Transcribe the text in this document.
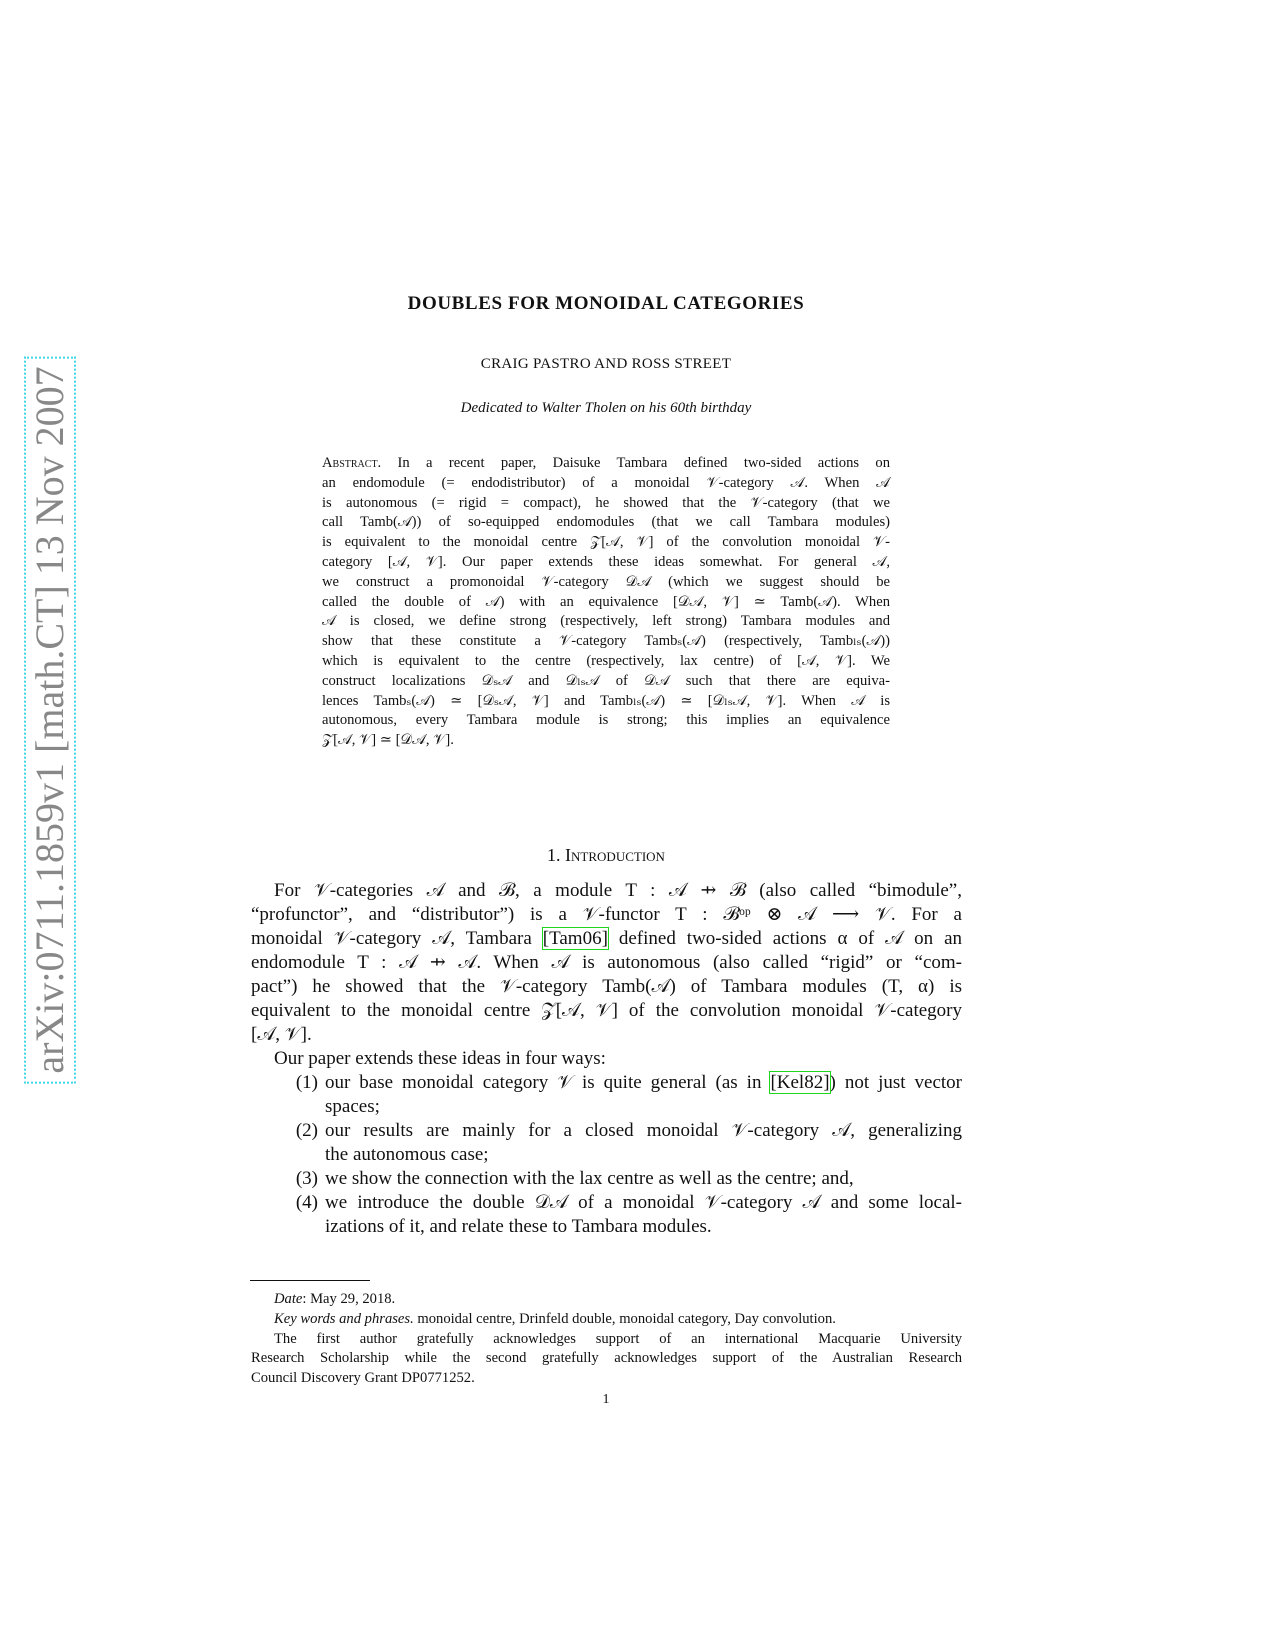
arXiv:0711.1859v1 [math.CT] 13 Nov 2007
DOUBLES FOR MONOIDAL CATEGORIES
CRAIG PASTRO AND ROSS STREET
Dedicated to Walter Tholen on his 60th birthday
Abstract. In a recent paper, Daisuke Tambara defined two-sided actions on
an endomodule (= endodistributor) of a monoidal 𝒱-category 𝒜. When 𝒜
is autonomous (= rigid = compact), he showed that the 𝒱-category (that we
call Tamb(𝒜)) of so-equipped endomodules (that we call Tambara modules)
is equivalent to the monoidal centre 𝒵[𝒜, 𝒱] of the convolution monoidal 𝒱-
category [𝒜, 𝒱]. Our paper extends these ideas somewhat. For general 𝒜,
we construct a promonoidal 𝒱-category 𝒟𝒜 (which we suggest should be
called the double of 𝒜) with an equivalence [𝒟𝒜, 𝒱] ≃ Tamb(𝒜). When
𝒜 is closed, we define strong (respectively, left strong) Tambara modules and
show that these constitute a 𝒱-category Tambₛ(𝒜) (respectively, Tambₗₛ(𝒜))
which is equivalent to the centre (respectively, lax centre) of [𝒜, 𝒱]. We
construct localizations 𝒟ₛ𝒜 and 𝒟ₗₛ𝒜 of 𝒟𝒜 such that there are equiva-
lences Tambₛ(𝒜) ≃ [𝒟ₛ𝒜, 𝒱] and Tambₗₛ(𝒜) ≃ [𝒟ₗₛ𝒜, 𝒱]. When 𝒜 is
autonomous, every Tambara module is strong; this implies an equivalence
𝒵[𝒜, 𝒱] ≃ [𝒟𝒜, 𝒱].
1. Introduction
For 𝒱-categories 𝒜 and ℬ, a module T : 𝒜 ⇸ ℬ (also called “bimodule”,
“profunctor”, and “distributor”) is a 𝒱-functor T : ℬᵒᵖ ⊗ 𝒜 ⟶ 𝒱. For a
monoidal 𝒱-category 𝒜, Tambara [Tam06] defined two-sided actions α of 𝒜 on an
endomodule T : 𝒜 ⇸ 𝒜. When 𝒜 is autonomous (also called “rigid” or “com-
pact”) he showed that the 𝒱-category Tamb(𝒜) of Tambara modules (T, α) is
equivalent to the monoidal centre 𝒵[𝒜, 𝒱] of the convolution monoidal 𝒱-category
[𝒜, 𝒱].
Our paper extends these ideas in four ways:
(1) our base monoidal category 𝒱 is quite general (as in [Kel82]) not just vector
spaces;
(2) our results are mainly for a closed monoidal 𝒱-category 𝒜, generalizing
the autonomous case;
(3) we show the connection with the lax centre as well as the centre; and,
(4) we introduce the double 𝒟𝒜 of a monoidal 𝒱-category 𝒜 and some local-
izations of it, and relate these to Tambara modules.
Date: May 29, 2018.
Key words and phrases. monoidal centre, Drinfeld double, monoidal category, Day convolution.
The first author gratefully acknowledges support of an international Macquarie University
Research Scholarship while the second gratefully acknowledges support of the Australian Research
Council Discovery Grant DP0771252.
1
